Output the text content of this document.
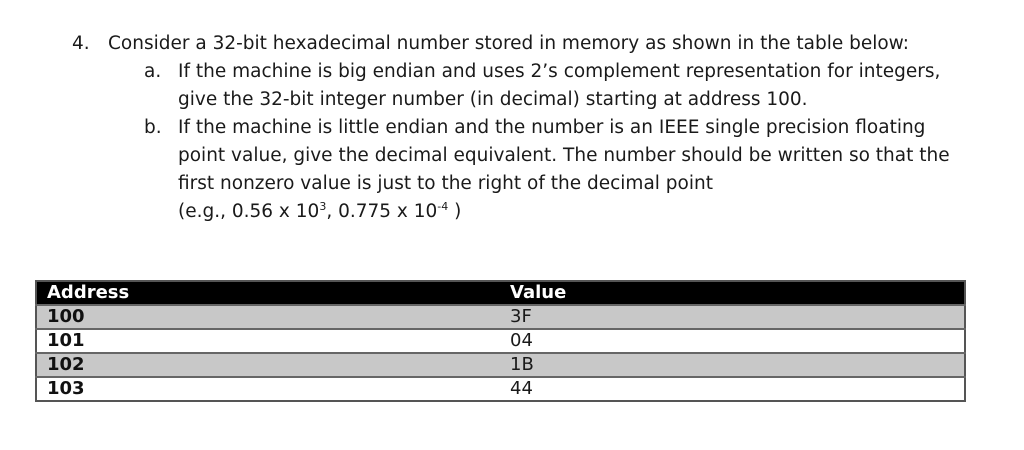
4. Consider a 32-bit hexadecimal number stored in memory as shown in the table below:
a. If the machine is big endian and uses 2’s complement representation for integers, give the 32-bit integer number (in decimal) starting at address 100.
b. If the machine is little endian and the number is an IEEE single precision floating point value, give the decimal equivalent. The number should be written so that the first nonzero value is just to the right of the decimal point
(e.g., 0.56 x $10^3$, 0.775 x $10^{-4}$ )
Address	Value
100	3F
101	04
102	1B
103	44
